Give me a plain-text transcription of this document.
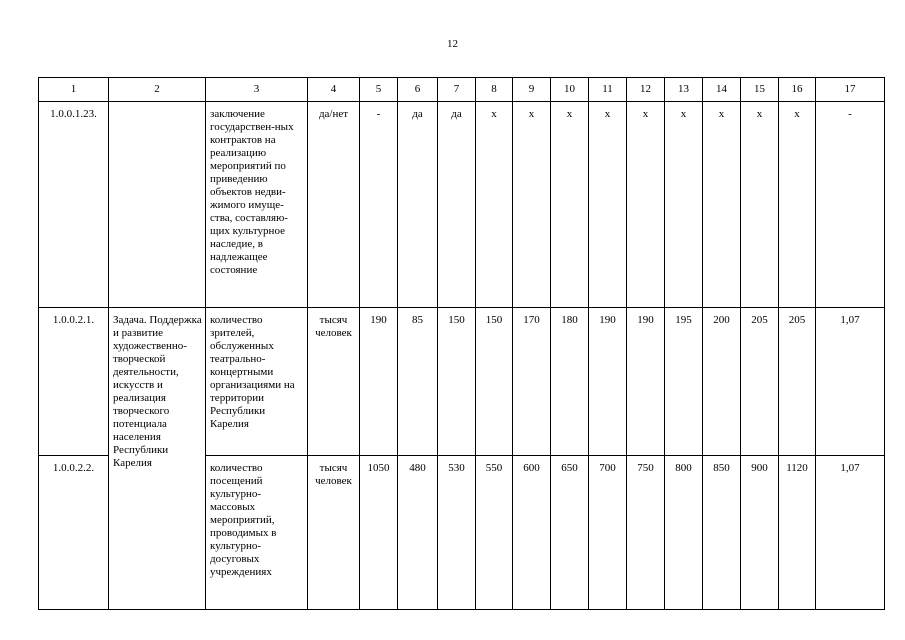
12
1	2	3	4	5	6	7	8	9	10	11	12	13	14	15	16	17
1.0.0.1.23.		заключение государствен-ных контрактов на реализацию мероприятий по приведению объектов недви-жимого имуще-ства, составляю-щих культурное наследие, в надлежащее состояние	да/нет	-	да	да	x	x	x	x	x	x	x	x	x	-
1.0.0.2.1.	Задача. Поддержка и развитие художественно-творческой деятельности, искусств и реализация творческого потенциала населения Республики Карелия	количество зрителей, обслуженных театрально-концертными организациями на территории Республики Карелия	тысяч человек	190	85	150	150	170	180	190	190	195	200	205	205	1,07
1.0.0.2.2.		количество посещений культурно-массовых мероприятий, проводимых в культурно-досуговых учреждениях	тысяч человек	1050	480	530	550	600	650	700	750	800	850	900	1120	1,07
